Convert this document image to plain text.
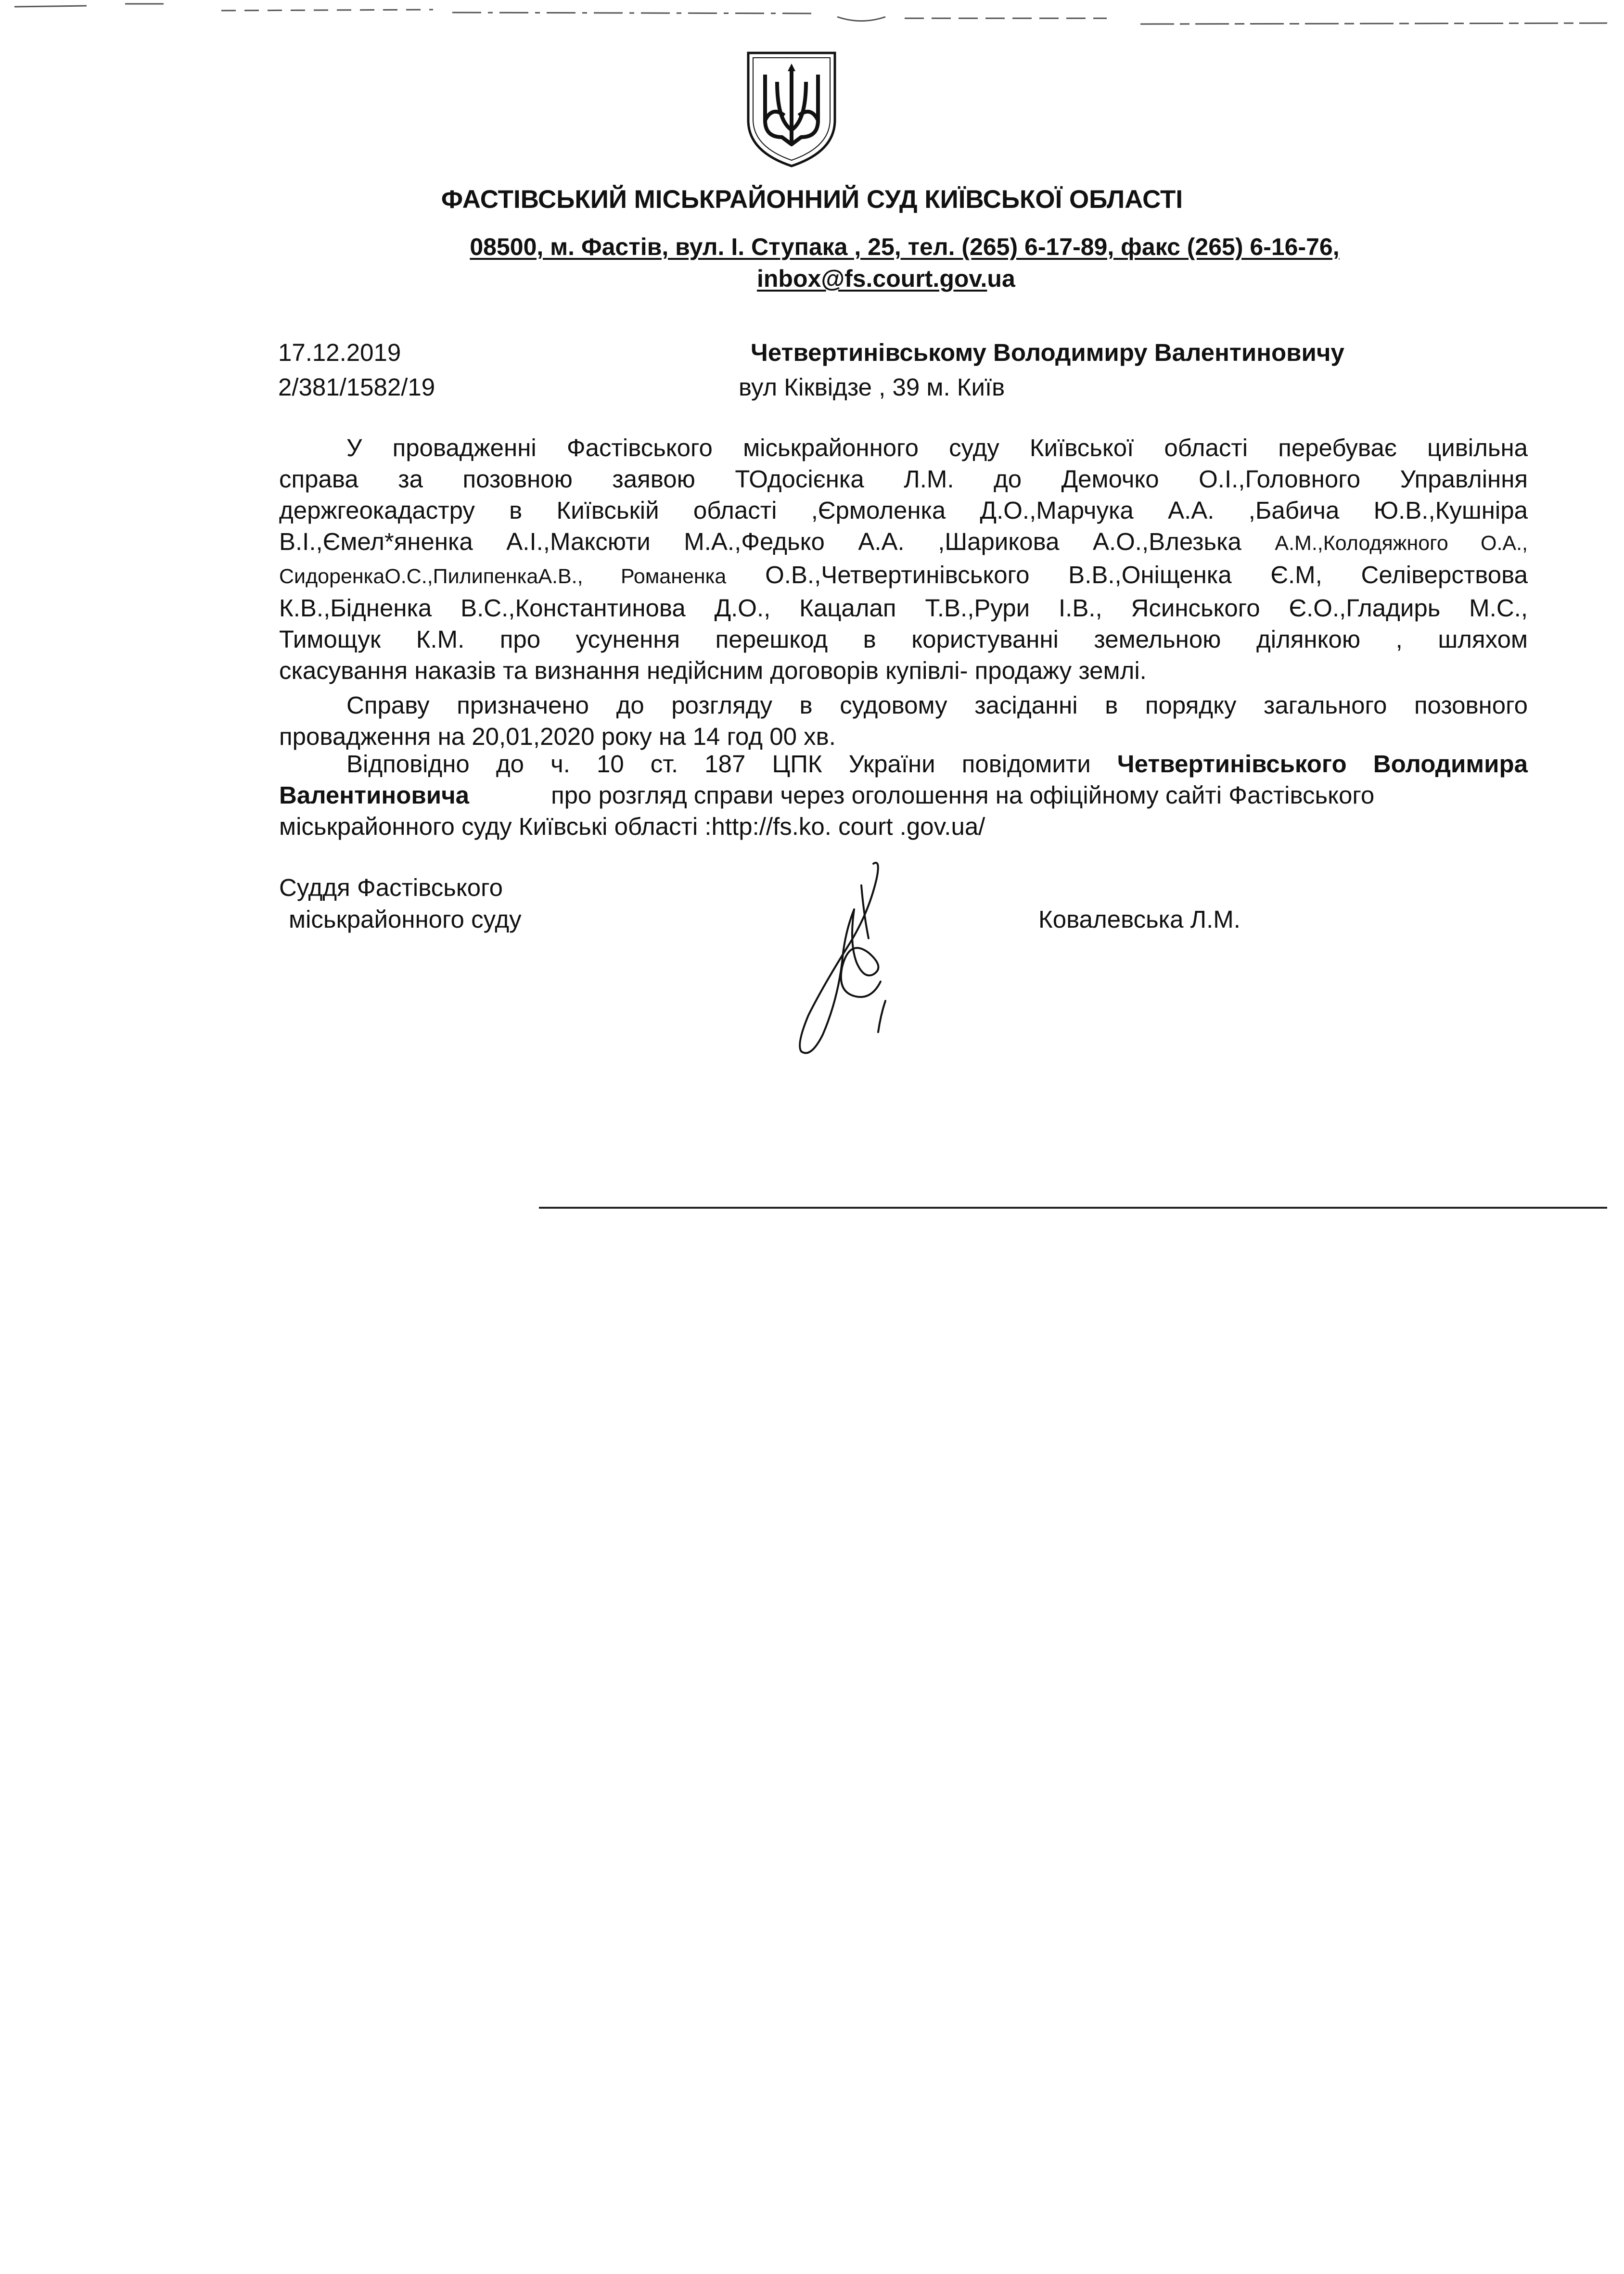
ФАСТІВСЬКИЙ МІСЬКРАЙОННИЙ СУД КИЇВСЬКОЇ ОБЛАСТІ
08500, м. Фастів, вул. І. Ступака , 25, тел. (265) 6-17-89, факс (265) 6-16-76,
inbox@fs.court.gov.ua
17.12.2019
2/381/1582/19
Четвертинівському Володимиру Валентиновичу
вул Кіквідзе , 39 м. Київ
У провадженні Фастівського міськрайонного суду Київської області перебуває цивільна
справа за позовною заявою ТОдосієнка Л.М. до Демочко О.І.,Головного Управління
держгеокадастру в Київській області ,Єрмоленка Д.О.,Марчука А.А. ,Бабича Ю.В.,Кушніра
В.І.,Ємел*яненка А.І.,Максюти М.А.,Федько А.А. ,Шарикова А.О.,Влезька А.М.,Колодяжного О.А.,
СидоренкаО.С.,ПилипенкаА.В., Романенка О.В.,Четвертинівського В.В.,Оніщенка Є.М, Селіверствова
К.В.,Бідненка В.С.,Константинова Д.О., Кацалап Т.В.,Рури І.В., Ясинського Є.О.,Гладирь М.С.,
Тимощук К.М. про усунення перешкод в користуванні земельною ділянкою , шляхом
скасування наказів та визнання недійсним договорів купівлі- продажу землі.
Справу призначено до розгляду в судовому засіданні в порядку загального позовного
провадження на 20,01,2020 року на 14 год 00 хв.
Відповідно до ч. 10 ст. 187 ЦПК України повідомити Четвертинівського Володимира
Валентиновича	про розгляд справи через оголошення на офіційному сайті Фастівського
міськрайонного суду Київські області :http://fs.ko. court .gov.ua/
Суддя Фастівського
міськрайонного суду	Ковалевська Л.М.
